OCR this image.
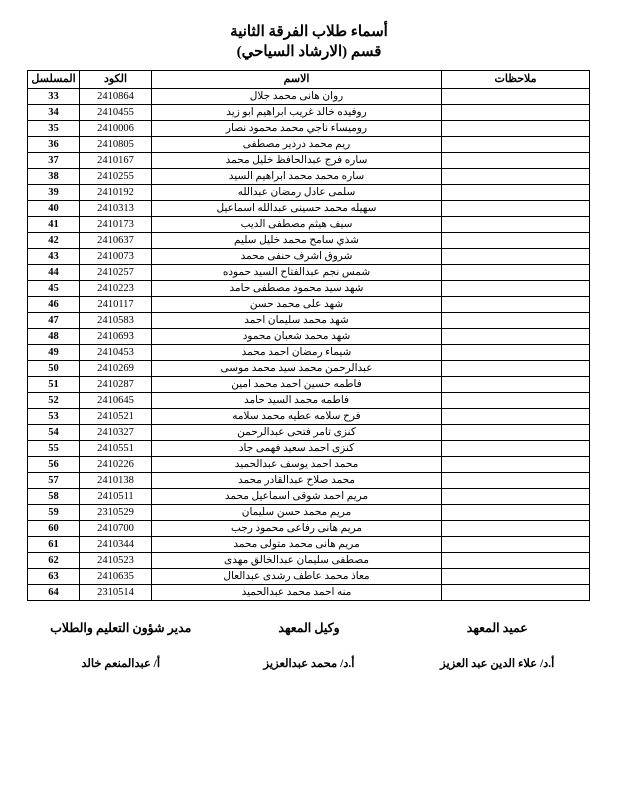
أسماء طلاب الفرقة الثانية
قسم (الارشاد السياحي)
ملاحظات	الاسم	الكود	المسلسل
	روان هانى محمد جلال	2410864	33
	روفيده خالد غريب ابراهيم ابو زيد	2410455	34
	روميساء ناجي محمد محمود نصار	2410006	35
	ريم محمد دردير مصطفى	2410805	36
	ساره فرج عبدالحافظ خليل محمد	2410167	37
	ساره محمد محمد ابراهيم السيد	2410255	38
	سلمى عادل رمضان عبدالله	2410192	39
	سهيله محمد حسينى عبدالله اسماعيل	2410313	40
	سيف هيثم مصطفى الديب	2410173	41
	شذي سامح محمد خليل سليم	2410637	42
	شروق اشرف حنفى محمد	2410073	43
	شمس نجم عبدالفتاح السيد حموده	2410257	44
	شهد سيد محمود مصطفى حامد	2410223	45
	شهد على محمد حسن	2410117	46
	شهد محمد سليمان احمد	2410583	47
	شهد محمد شعبان محمود	2410693	48
	شيماء رمضان احمد محمد	2410453	49
	عبدالرحمن محمد سيد محمد موسى	2410269	50
	فاطمه حسين احمد محمد امين	2410287	51
	فاطمه محمد السيد حامد	2410645	52
	فرح سلامه عطيه محمد سلامه	2410521	53
	كنزى تامر فتحى عبدالرحمن	2410327	54
	كنزى احمد سعيد فهمى جاد	2410551	55
	محمد احمد يوسف عبدالحميد	2410226	56
	محمد صلاح عبدالقادر محمد	2410138	57
	مريم احمد شوقى اسماعيل محمد	2410511	58
	مريم محمد حسن سليمان	2310529	59
	مريم هانى رفاعى محمود رجب	2410700	60
	مريم هانى محمد متولى محمد	2410344	61
	مصطفى سليمان عبدالخالق مهدى	2410523	62
	معاذ محمد عاطف رشدى عبدالعال	2410635	63
	منه احمد محمد عبدالحميد	2310514	64
عميد المعهد
أ.د/ علاء الدين عبد العزيز
وكيل المعهد
أ.د/ محمد عبدالعزيز
مدير شؤون التعليم والطلاب
أ/ عبدالمنعم خالد
